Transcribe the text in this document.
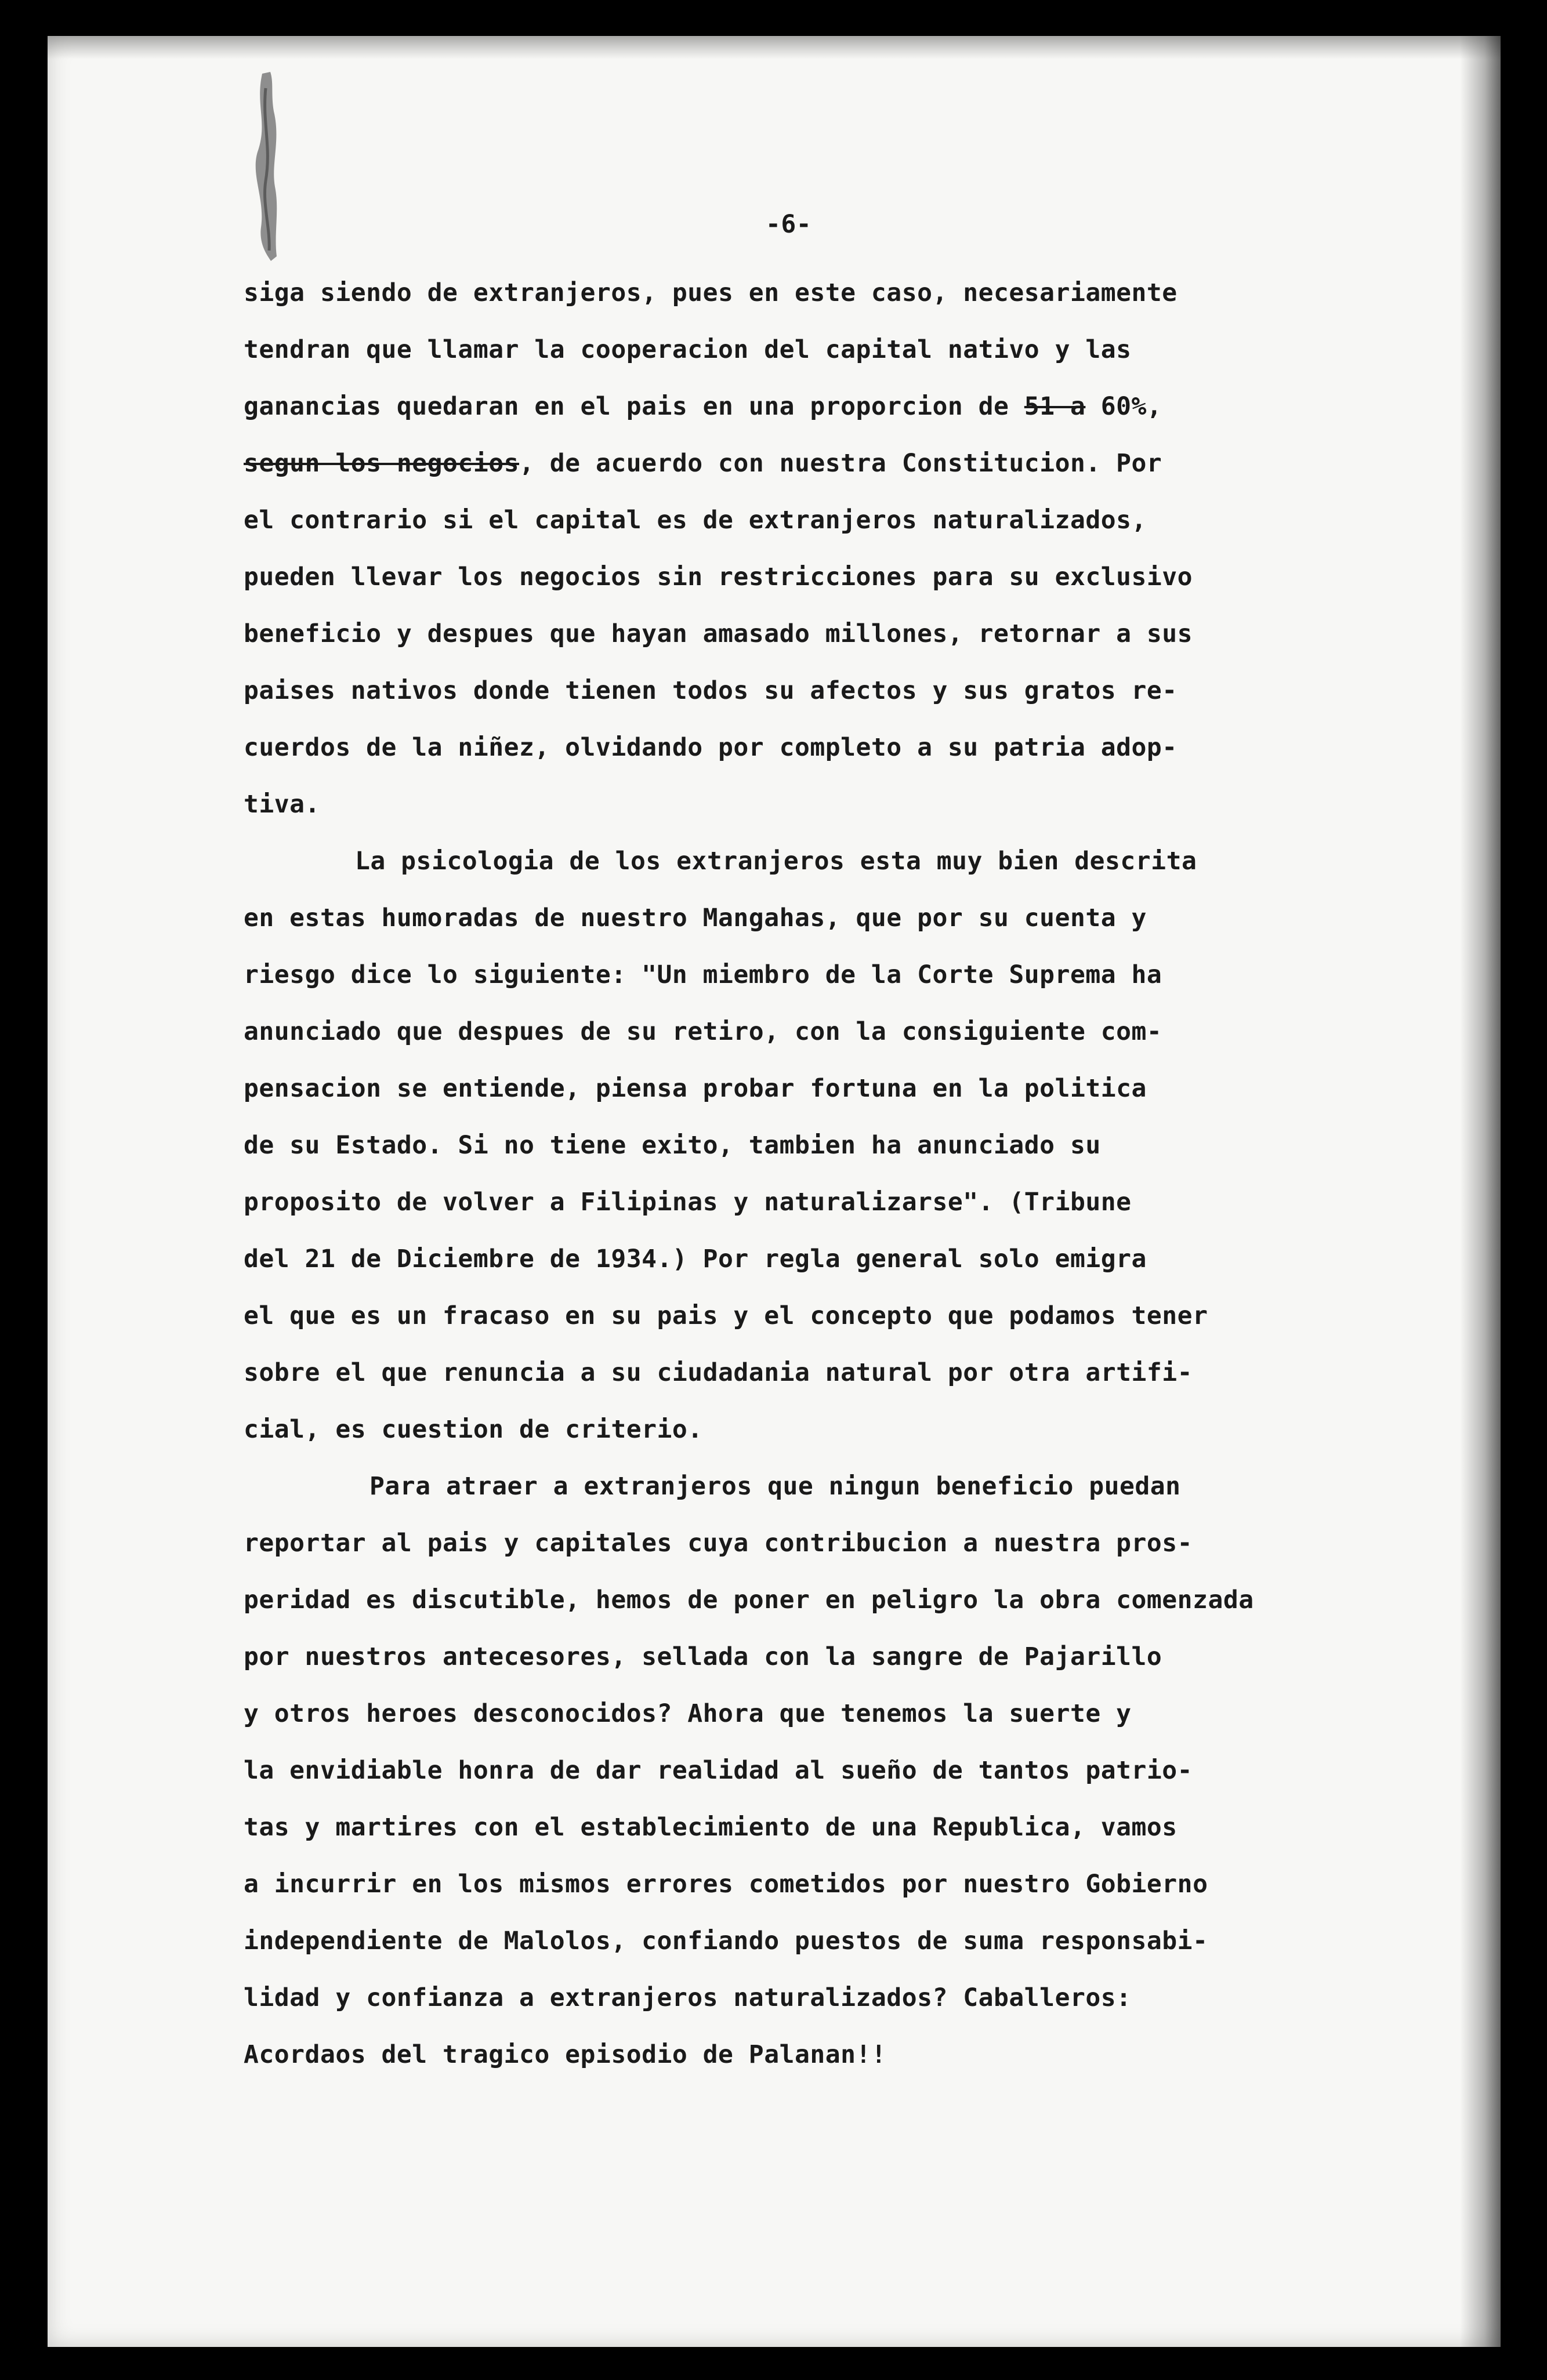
-6-
siga siendo de extranjeros, pues en este caso, necesariamente
tendran que llamar la cooperacion del capital nativo y las
ganancias quedaran en el pais en una proporcion de 51 a 60%,
segun los negocios, de acuerdo con nuestra Constitucion. Por
el contrario si el capital es de extranjeros naturalizados,
pueden llevar los negocios sin restricciones para su exclusivo
beneficio y despues que hayan amasado millones, retornar a sus
paises nativos donde tienen todos su afectos y sus gratos re-
cuerdos de la niñez, olvidando por completo a su patria adop-
tiva.
La psicologia de los extranjeros esta muy bien descrita
en estas humoradas de nuestro Mangahas, que por su cuenta y
riesgo dice lo siguiente: "Un miembro de la Corte Suprema ha
anunciado que despues de su retiro, con la consiguiente com-
pensacion se entiende, piensa probar fortuna en la politica
de su Estado. Si no tiene exito, tambien ha anunciado su
proposito de volver a Filipinas y naturalizarse". (Tribune
del 21 de Diciembre de 1934.) Por regla general solo emigra
el que es un fracaso en su pais y el concepto que podamos tener
sobre el que renuncia a su ciudadania natural por otra artifi-
cial, es cuestion de criterio.
Para atraer a extranjeros que ningun beneficio puedan
reportar al pais y capitales cuya contribucion a nuestra pros-
peridad es discutible, hemos de poner en peligro la obra comenzada
por nuestros antecesores, sellada con la sangre de Pajarillo
y otros heroes desconocidos? Ahora que tenemos la suerte y
la envidiable honra de dar realidad al sueño de tantos patrio-
tas y martires con el establecimiento de una Republica, vamos
a incurrir en los mismos errores cometidos por nuestro Gobierno
independiente de Malolos, confiando puestos de suma responsabi-
lidad y confianza a extranjeros naturalizados? Caballeros:
Acordaos del tragico episodio de Palanan!!
